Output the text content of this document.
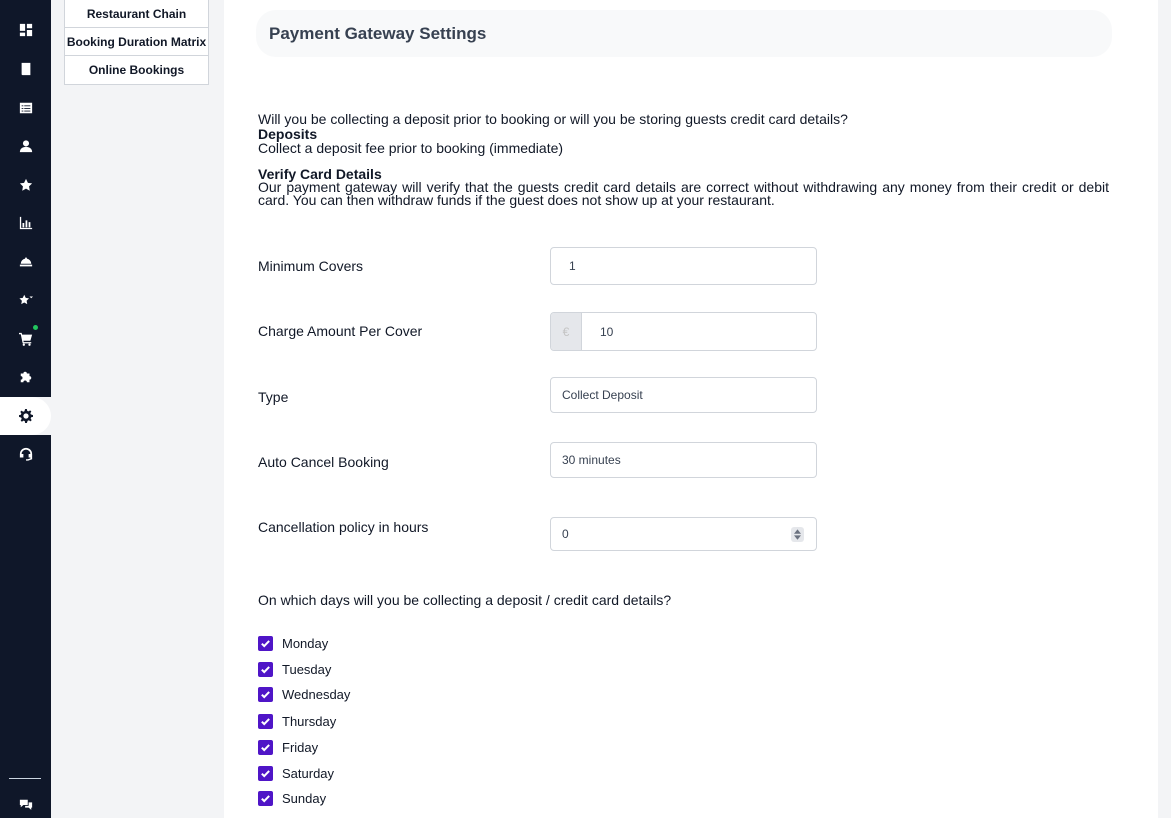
Restaurant Chain
Booking Duration Matrix
Online Bookings
Payment Gateway Settings
Will you be collecting a deposit prior to booking or will you be storing guests credit card details?
Deposits
Collect a deposit fee prior to booking (immediate)
Verify Card Details
Our payment gateway will verify that the guests credit card details are correct without withdrawing any money from their credit or debit card. You can then withdraw funds if the guest does not show up at your restaurant.
Minimum Covers	1
Charge Amount Per Cover	€	10
Type	Collect Deposit
Auto Cancel Booking	30 minutes
Cancellation policy in hours	0
On which days will you be collecting a deposit / credit card details?
Monday
Tuesday
Wednesday
Thursday
Friday
Saturday
Sunday
